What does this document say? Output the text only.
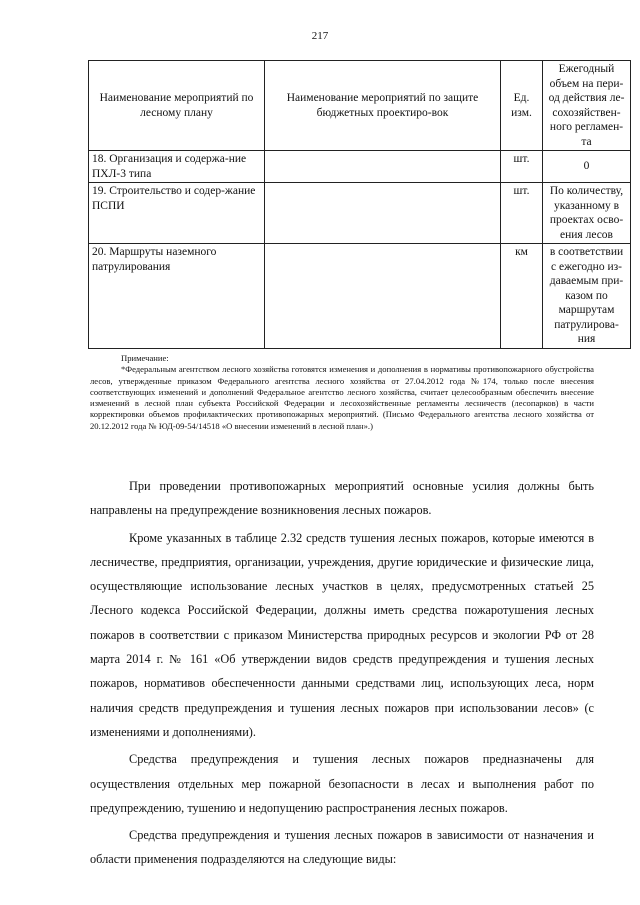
217
Наименование мероприятий по лесному плану	Наименование мероприятий по защите бюджетных проектиро-вок	Ед. изм.	Ежегодный объем на пери-од действия ле-сохозяйствен-ного регламен-та
18. Организация и содержа-ние ПХЛ-3 типа		шт.	0
19. Строительство и содер-жание ПСПИ		шт.	По количеству, указанному в проектах осво-ения лесов
20. Маршруты наземного патрулирования		км	в соответствии с ежегодно из-даваемым при-казом по маршрутам патрулирова-ния
Примечание:
*Федеральным агентством лесного хозяйства готовятся изменения и дополнения в нормативы противопожарного обустройства лесов, утвержденные приказом Федерального агентства лесного хозяйства от 27.04.2012 года №174, только после внесения соответствующих изменений и дополнений Федеральное агентство лесного хозяйства, считает целесообразным обеспечить внесение изменений в лесной план субъекта Российской Федерации и лесохозяйственные регламенты лесничеств (лесопарков) в части корректировки объемов профилактических противопожарных мероприятий. (Письмо Федерального агентства лесного хозяйства от 20.12.2012 года № ЮД-09-54/14518 «О внесении изменений в лесной план».)

При проведении противопожарных мероприятий основные усилия должны быть направлены на предупреждение возникновения лесных пожаров.

Кроме указанных в таблице 2.32 средств тушения лесных пожаров, которые имеются в лесничестве, предприятия, организации, учреждения, другие юридические и физические лица, осуществляющие использование лесных участков в целях, предусмотренных статьей 25 Лесного кодекса Российской Федерации, должны иметь средства пожаротушения лесных пожаров в соответствии с приказом Министерства природных ресурсов и экологии РФ от 28 марта 2014 г. № 161 «Об утверждении видов средств предупреждения и тушения лесных пожаров, нормативов обеспеченности данными средствами лиц, использующих леса, норм наличия средств предупреждения и тушения лесных пожаров при использовании лесов» (с изменениями и дополнениями).

Средства предупреждения и тушения лесных пожаров предназначены для осуществления отдельных мер пожарной безопасности в лесах и выполнения работ по предупреждению, тушению и недопущению распространения лесных пожаров.

Средства предупреждения и тушения лесных пожаров в зависимости от назначения и области применения подразделяются на следующие виды:
